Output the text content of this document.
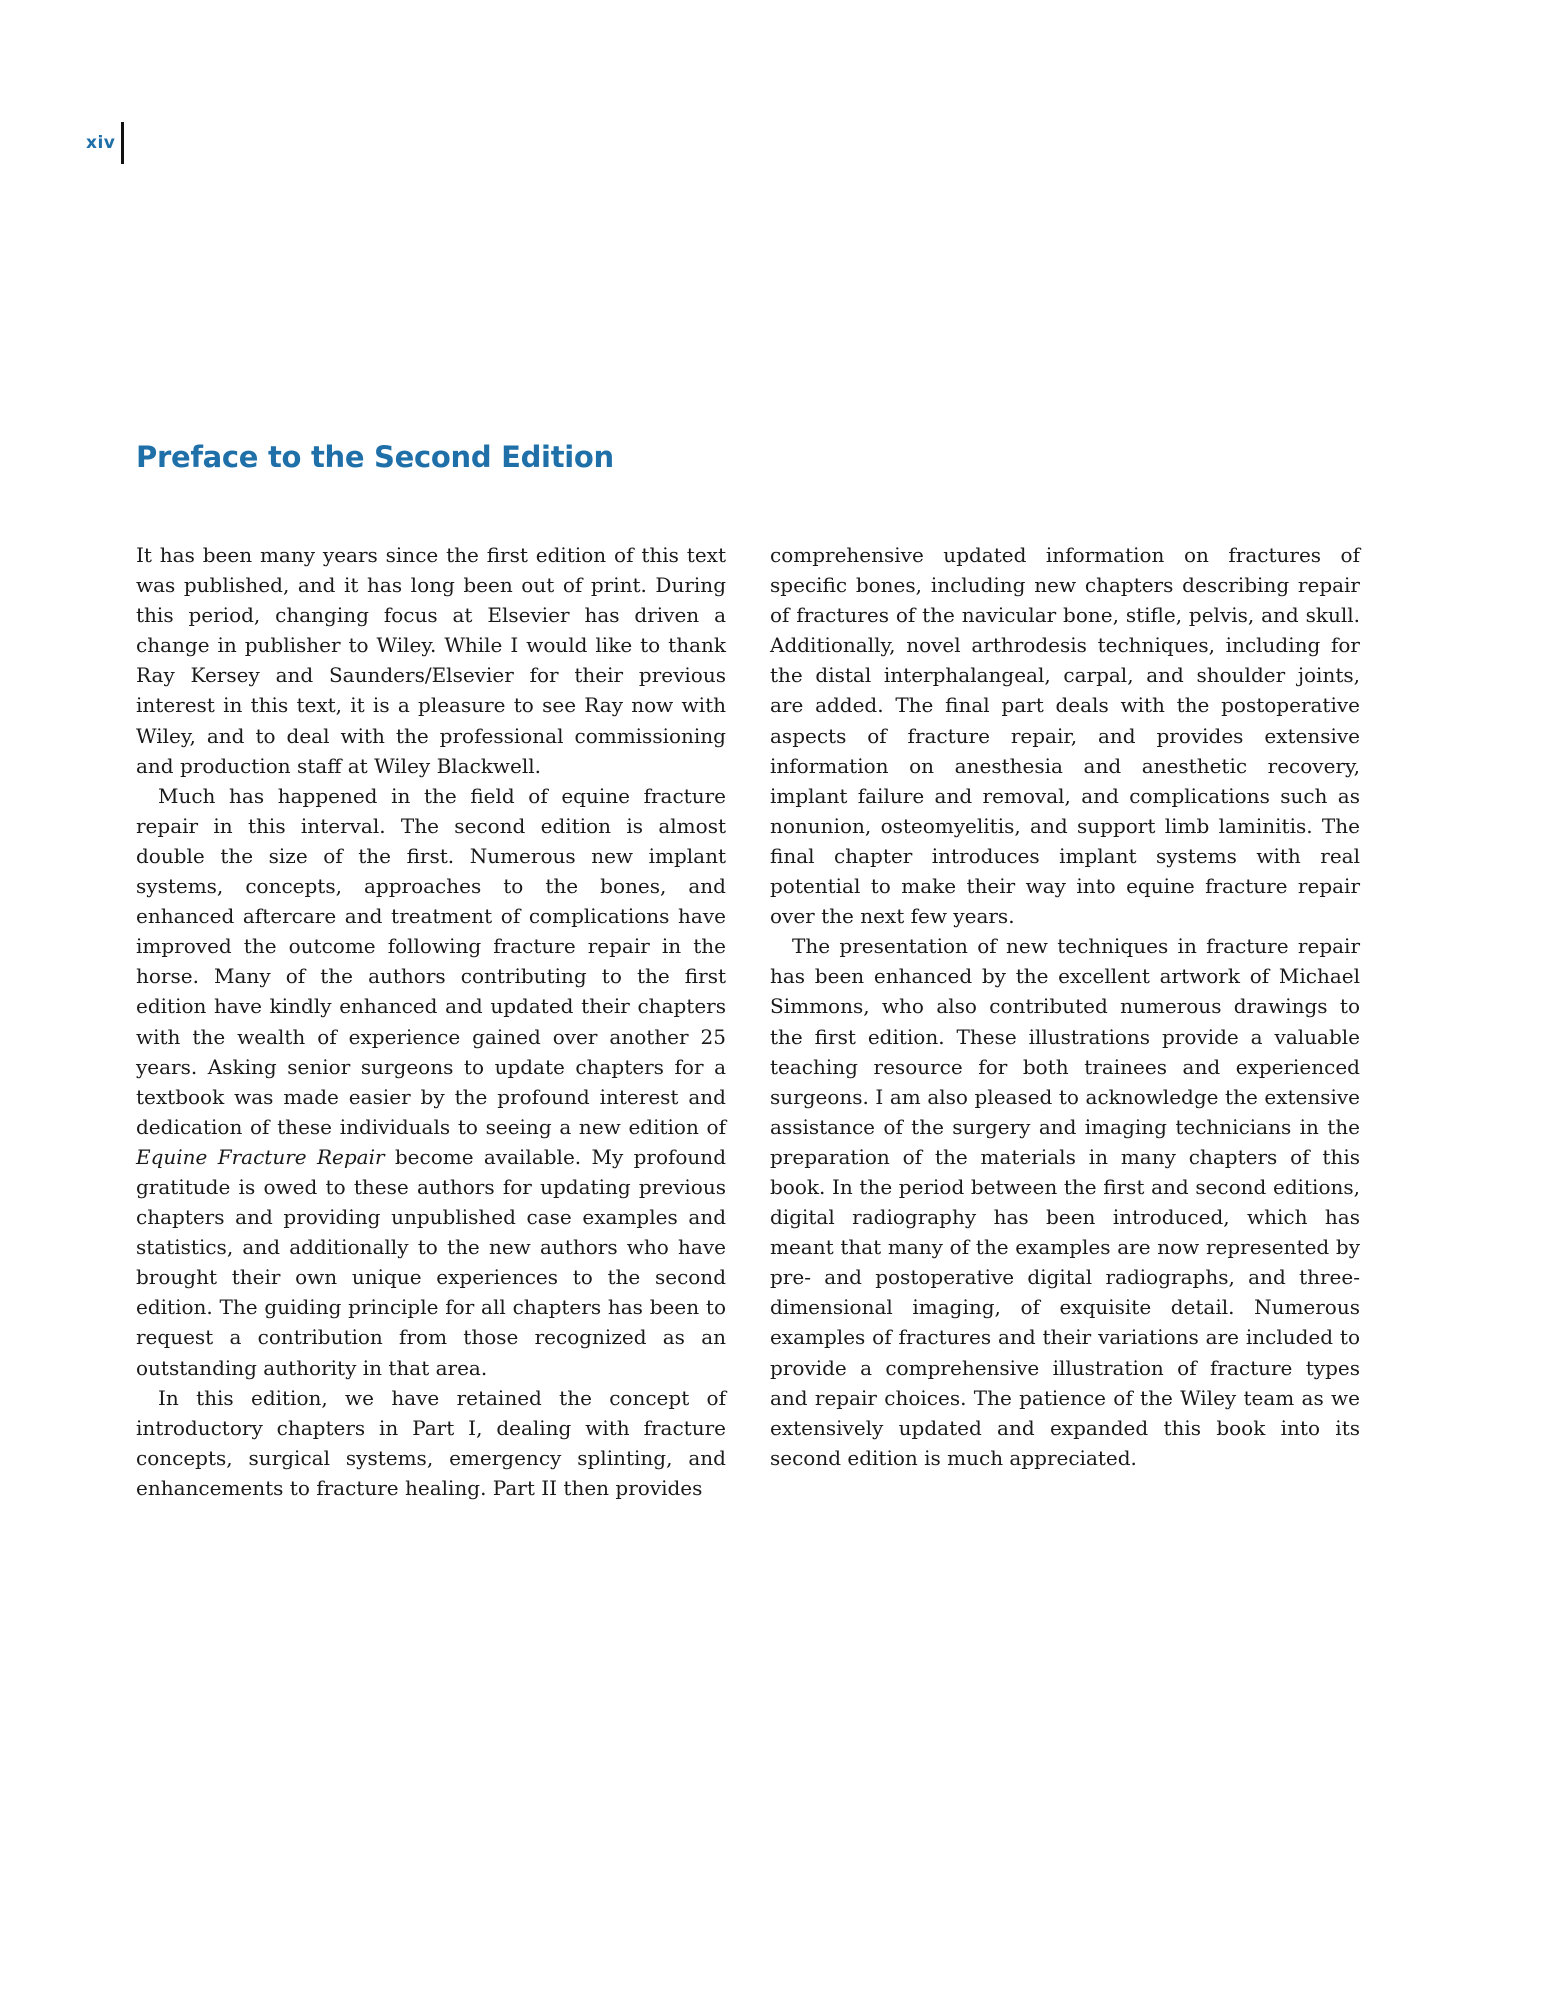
xiv
Preface to the Second Edition

It has been many years since the first edition of this text was published, and it has long been out of print. During this period, changing focus at Elsevier has driven a change in publisher to Wiley. While I would like to thank Ray Kersey and Saunders/Elsevier for their previous interest in this text, it is a pleasure to see Ray now with Wiley, and to deal with the professional commissioning and production staff at Wiley Blackwell.

Much has happened in the field of equine fracture repair in this interval. The second edition is almost double the size of the first. Numerous new implant systems, concepts, approaches to the bones, and enhanced aftercare and treatment of complications have improved the outcome following fracture repair in the horse. Many of the authors contributing to the first edition have kindly enhanced and updated their chapters with the wealth of experience gained over another 25 years. Asking senior surgeons to update chapters for a textbook was made easier by the profound interest and dedication of these individuals to seeing a new edition of Equine Fracture Repair become available. My profound gratitude is owed to these authors for updating previous chapters and providing unpublished case examples and statistics, and additionally to the new authors who have brought their own unique experiences to the second edition. The guiding principle for all chapters has been to request a contribution from those recognized as an outstanding authority in that area.

In this edition, we have retained the concept of introductory chapters in Part I, dealing with fracture concepts, surgical systems, emergency splinting, and enhancements to fracture healing. Part II then provides

comprehensive updated information on fractures of specific bones, including new chapters describing repair of fractures of the navicular bone, stifle, pelvis, and skull. Additionally, novel arthrodesis techniques, including for the distal interphalangeal, carpal, and shoulder joints, are added. The final part deals with the postoperative aspects of fracture repair, and provides extensive information on anesthesia and anesthetic recovery, implant failure and removal, and complications such as nonunion, osteomyelitis, and support limb laminitis. The final chapter introduces implant systems with real potential to make their way into equine fracture repair over the next few years.

The presentation of new techniques in fracture repair has been enhanced by the excellent artwork of Michael Simmons, who also contributed numerous drawings to the first edition. These illustrations provide a valuable teaching resource for both trainees and experienced surgeons. I am also pleased to acknowledge the extensive assistance of the surgery and imaging technicians in the preparation of the materials in many chapters of this book. In the period between the first and second editions, digital radiography has been introduced, which has meant that many of the examples are now represented by pre- and postoperative digital radiographs, and three-dimensional imaging, of exquisite detail. Numerous examples of fractures and their variations are included to provide a comprehensive illustration of fracture types and repair choices. The patience of the Wiley team as we extensively updated and expanded this book into its second edition is much appreciated.
